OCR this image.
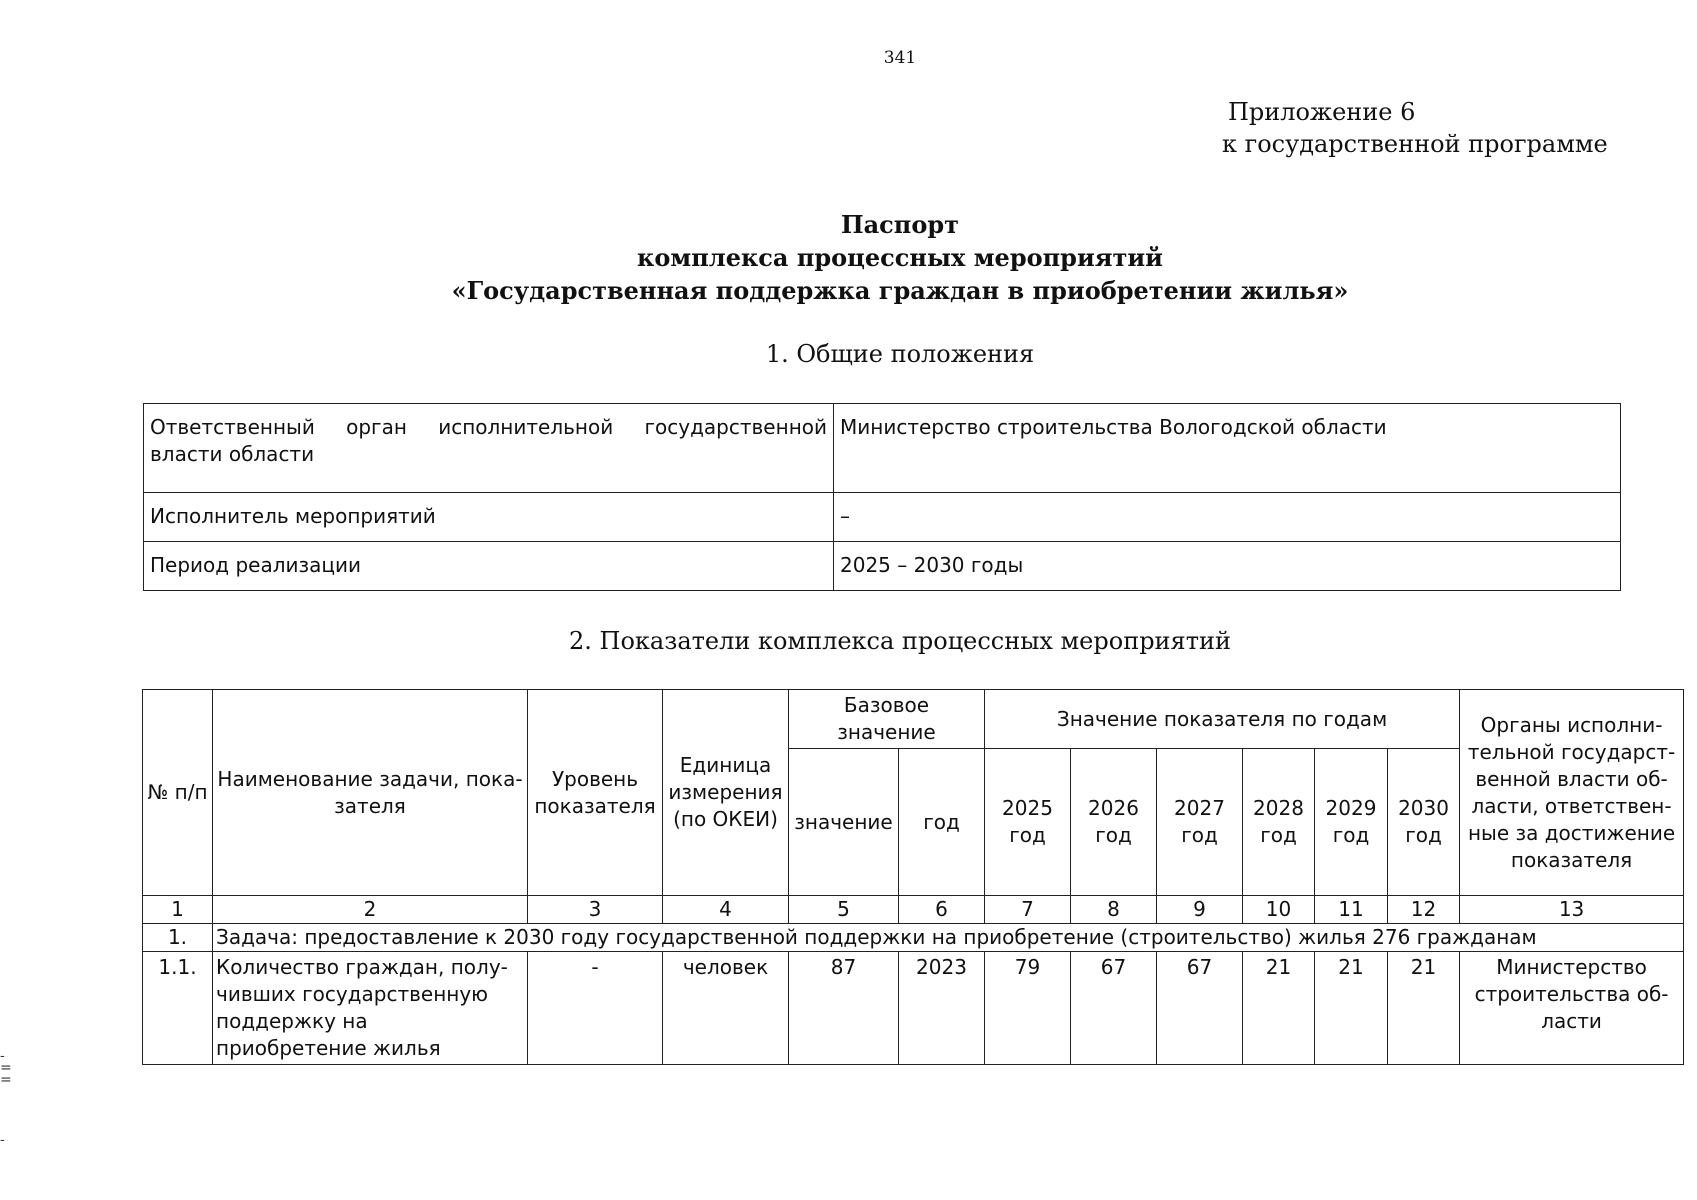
341
Приложение 6
к государственной программе
Паспорт
комплекса процессных мероприятий
«Государственная поддержка граждан в приобретении жилья»
1. Общие положения
Ответственный орган исполнительной государственной власти области	Министерство строительства Вологодской области
Исполнитель мероприятий	–
Период реализации	2025 – 2030 годы
2. Показатели комплекса процессных мероприятий
№ п/п	Наименование задачи, пока-зателя	Уровень показателя	Единица измерения (по ОКЕИ)	Базовое значение		Значение показателя по годам						Органы исполни-тельной государст-венной власти об-ласти, ответствен-ные за достижение показателя
				значение	год	2025 год	2026 год	2027 год	2028 год	2029 год	2030 год	
1	2	3	4	5	6	7	8	9	10	11	12	13
1.	Задача: предоставление к 2030 году государственной поддержки на приобретение (строительство) жилья 276 гражданам											
1.1.	Количество граждан, полу-чивших государственную поддержку на приобретение жилья	-	человек	87	2023	79	67	67	21	21	21	Министерство строительства об-ласти
-
=
=

-
